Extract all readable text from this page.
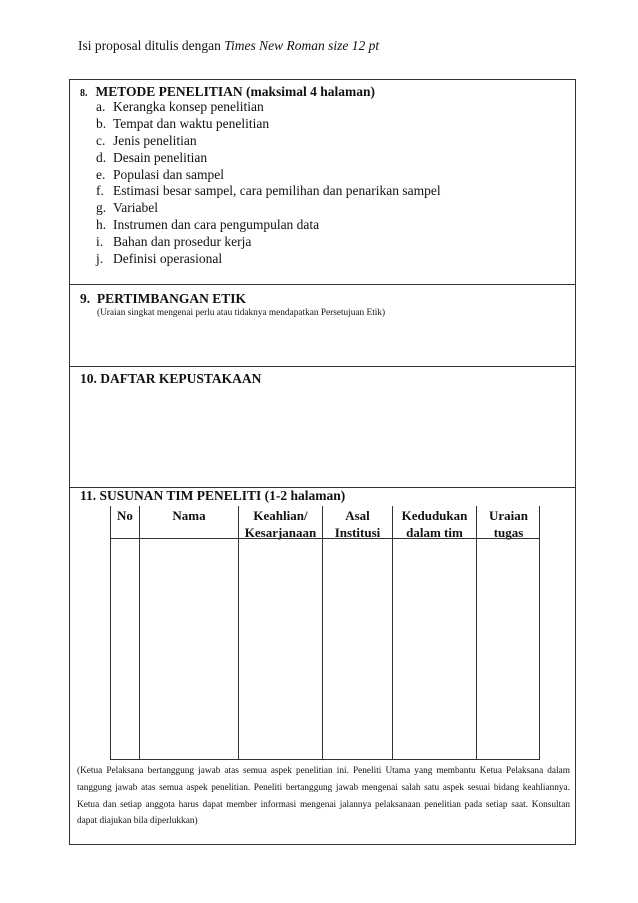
Isi proposal ditulis dengan Times New Roman size 12 pt
8. METODE PENELITIAN (maksimal 4 halaman)
a. Kerangka konsep penelitian
b. Tempat dan waktu penelitian
c. Jenis penelitian
d. Desain penelitian
e. Populasi dan sampel
f. Estimasi besar sampel, cara pemilihan dan penarikan sampel
g. Variabel
h. Instrumen dan cara pengumpulan data
i. Bahan dan prosedur kerja
j. Definisi operasional
9.  PERTIMBANGAN ETIK
(Uraian singkat mengenai perlu atau tidaknya mendapatkan Persetujuan Etik)
10. DAFTAR KEPUSTAKAAN
11. SUSUNAN TIM PENELITI (1-2 halaman)
No	Nama	Keahlian/
Kesarjanaan
Asal
Institusi
Kedudukan
dalam tim
Uraian
tugas
(Ketua Pelaksana bertanggung jawab atas semua aspek penelitian ini. Peneliti Utama yang membantu Ketua Pelaksana dalam tanggung jawab atas semua aspek penelitian. Peneliti bertanggung jawab mengenai salah satu aspek sesuai bidang keahliannya. Ketua dan setiap anggota harus dapat member informasi mengenai jalannya pelaksanaan penelitian pada setiap saat. Konsultan dapat diajukan bila diperlukkan)
